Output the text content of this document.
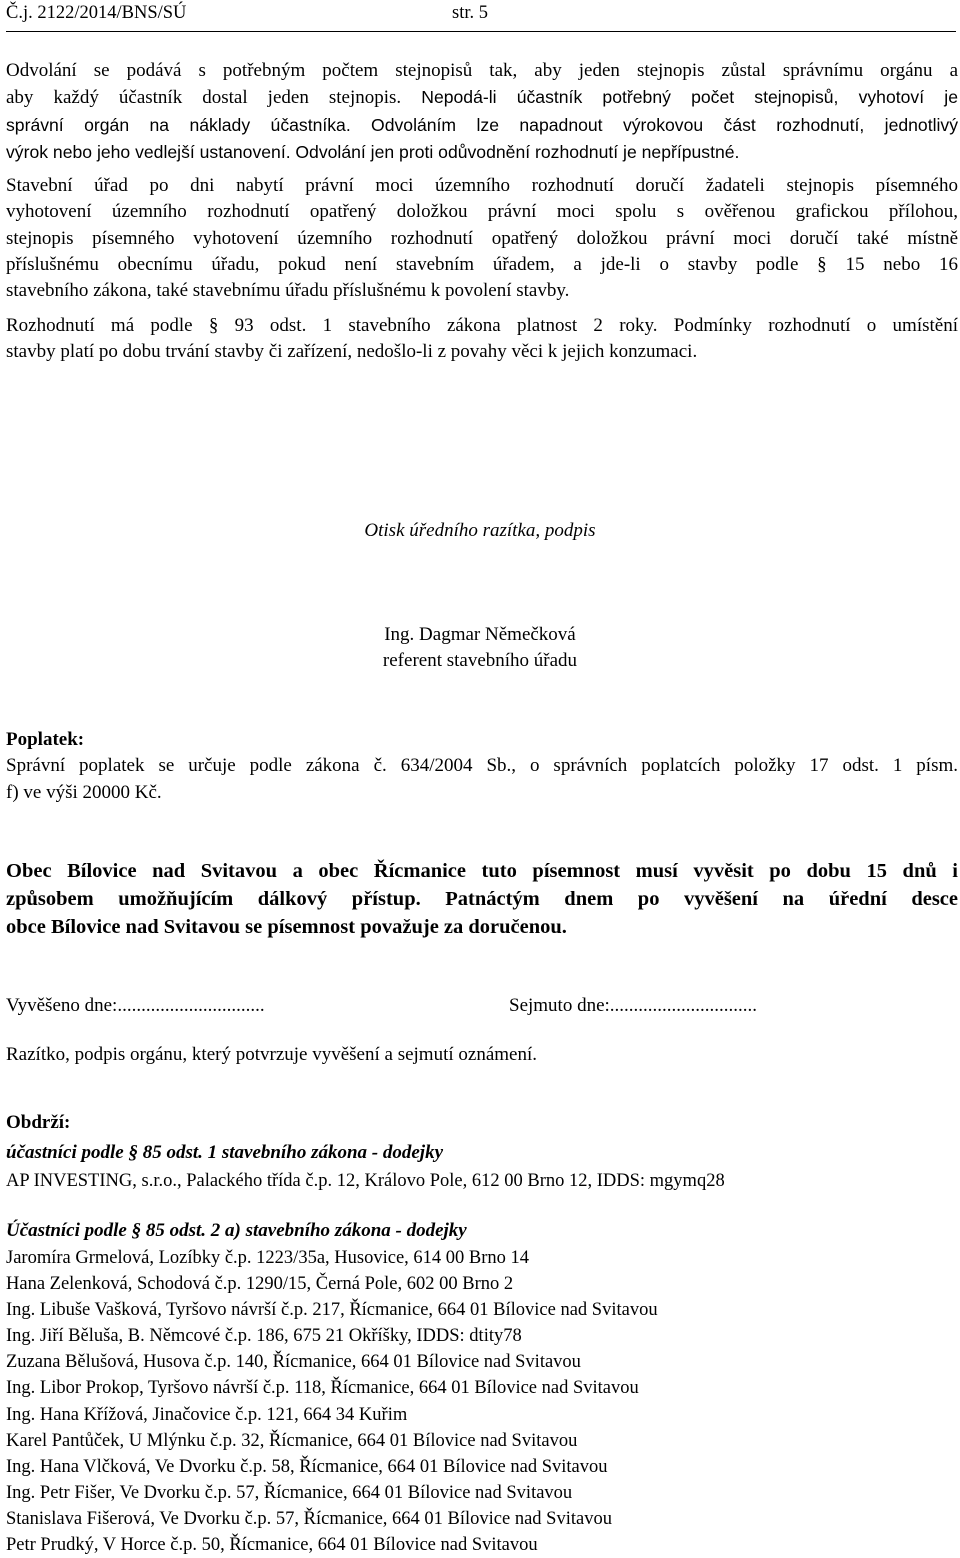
Č.j. 2122/2014/BNS/SÚ	str. 5
Odvolání se podává s potřebným počtem stejnopisů tak, aby jeden stejnopis zůstal správnímu orgánu a
aby každý účastník dostal jeden stejnopis. Nepodá-li účastník potřebný počet stejnopisů, vyhotoví je
správní orgán na náklady účastníka. Odvoláním lze napadnout výrokovou část rozhodnutí, jednotlivý
výrok nebo jeho vedlejší ustanovení. Odvolání jen proti odůvodnění rozhodnutí je nepřípustné.
Stavební úřad po dni nabytí právní moci územního rozhodnutí doručí žadateli stejnopis písemného
vyhotovení územního rozhodnutí opatřený doložkou právní moci spolu s ověřenou grafickou přílohou,
stejnopis písemného vyhotovení územního rozhodnutí opatřený doložkou právní moci doručí také místně
příslušnému obecnímu úřadu, pokud není stavebním úřadem, a jde-li o stavby podle § 15 nebo 16
stavebního zákona, také stavebnímu úřadu příslušnému k povolení stavby.
Rozhodnutí má podle § 93 odst. 1 stavebního zákona platnost 2 roky. Podmínky rozhodnutí o umístění
stavby platí po dobu trvání stavby či zařízení, nedošlo-li z povahy věci k jejich konzumaci.
Otisk úředního razítka, podpis
Ing. Dagmar Němečková
referent stavebního úřadu
Poplatek:
Správní poplatek se určuje podle zákona č. 634/2004 Sb., o správních poplatcích položky 17 odst. 1 písm.
f) ve výši 20000 Kč.
Obec Bílovice nad Svitavou a obec Řícmanice tuto písemnost musí vyvěsit po dobu 15 dnů i
způsobem umožňujícím dálkový přístup. Patnáctým dnem po vyvěšení na úřední desce
obce Bílovice nad Svitavou se písemnost považuje za doručenou.
Vyvěšeno dne:...............................	Sejmuto dne:...............................
Razítko, podpis orgánu, který potvrzuje vyvěšení a sejmutí oznámení.
Obdrží:
účastníci podle § 85 odst. 1 stavebního zákona - dodejky
AP INVESTING, s.r.o., Palackého třída č.p. 12, Královo Pole, 612 00 Brno 12, IDDS: mgymq28
Účastníci podle § 85 odst. 2 a) stavebního zákona - dodejky
Jaromíra Grmelová, Lozíbky č.p. 1223/35a, Husovice, 614 00 Brno 14
Hana Zelenková, Schodová č.p. 1290/15, Černá Pole, 602 00 Brno 2
Ing. Libuše Vašková, Tyršovo návrší č.p. 217, Řícmanice, 664 01 Bílovice nad Svitavou
Ing. Jiří Běluša, B. Němcové č.p. 186, 675 21 Okříšky, IDDS: dtity78
Zuzana Bělušová, Husova č.p. 140, Řícmanice, 664 01 Bílovice nad Svitavou
Ing. Libor Prokop, Tyršovo návrší č.p. 118, Řícmanice, 664 01 Bílovice nad Svitavou
Ing. Hana Křížová, Jinačovice č.p. 121, 664 34 Kuřim
Karel Pantůček, U Mlýnku č.p. 32, Řícmanice, 664 01 Bílovice nad Svitavou
Ing. Hana Vlčková, Ve Dvorku č.p. 58, Řícmanice, 664 01 Bílovice nad Svitavou
Ing. Petr Fišer, Ve Dvorku č.p. 57, Řícmanice, 664 01 Bílovice nad Svitavou
Stanislava Fišerová, Ve Dvorku č.p. 57, Řícmanice, 664 01 Bílovice nad Svitavou
Petr Prudký, V Horce č.p. 50, Řícmanice, 664 01 Bílovice nad Svitavou
